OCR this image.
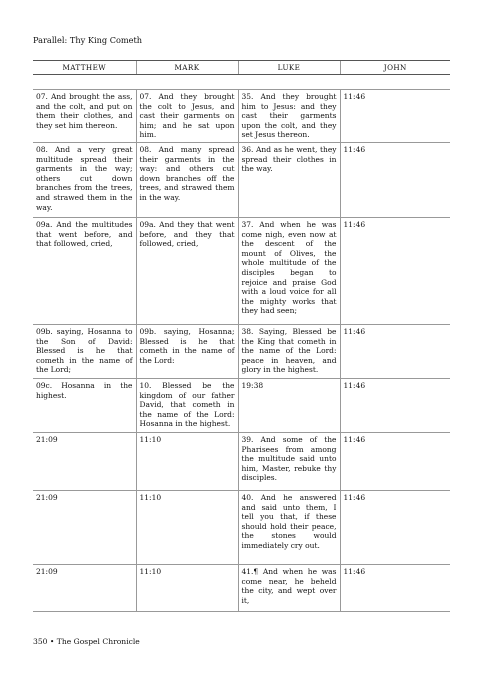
Parallel: Thy King Cometh
MATTHEW	MARK	LUKE	JOHN

07. And brought the ass, and the colt, and put on them their clothes, and they set him thereon.	07. And they brought the colt to Jesus, and cast their garments on him; and he sat upon him.	35. And they brought him to Jesus: and they cast their garments upon the colt, and they set Jesus thereon.	11:46
08. And a very great multitude spread their garments in the way; others cut down branches from the trees, and strawed them in the way.	08. And many spread their garments in the way: and others cut down branches off the trees, and strawed them in the way.	36. And as he went, they spread their clothes in the way.	11:46
09a. And the multitudes that went before, and that followed, cried,	09a. And they that went before, and they that followed, cried,	37. And when he was come nigh, even now at the descent of the mount of Olives, the whole multitude of the disciples began to rejoice and praise God with a loud voice for all the mighty works that they had seen;	11:46
09b. saying, Hosanna to the Son of David: Blessed is he that cometh in the name of the Lord;	09b. saying, Hosanna; Blessed is he that cometh in the name of the Lord:	38. Saying, Blessed be the King that cometh in the name of the Lord: peace in heaven, and glory in the highest.	11:46
09c. Hosanna in the highest.	10. Blessed be the kingdom of our father David, that cometh in the name of the Lord: Hosanna in the highest.	19:38	11:46
21:09	11:10	39. And some of the Pharisees from among the multitude said unto him, Master, rebuke thy disciples.	11:46
21:09	11:10	40. And he answered and said unto them, I tell you that, if these should hold their peace, the stones would immediately cry out.	11:46
21:09	11:10	41.¶ And when he was come near, he beheld the city, and wept over it,	11:46
350 • The Gospel Chronicle
